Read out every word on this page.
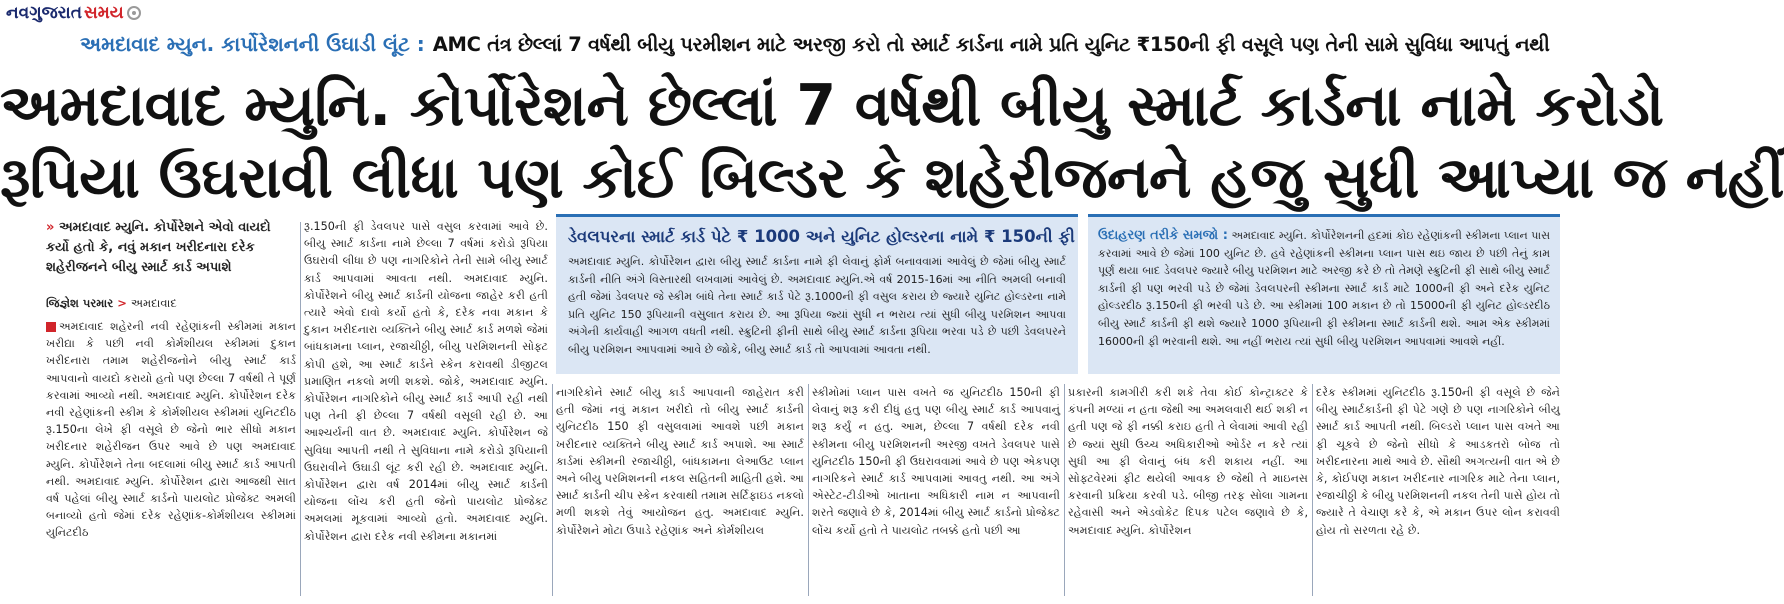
નવગુજરાત સમય
અમદાવાદ મ્યુન. કાર્પોરેશનની ઉઘાડી લૂંટ : AMC તંત્ર છેલ્લાં 7 વર્ષથી બીયુ પરમીશન માટે અરજી કરો તો સ્માર્ટ કાર્ડના નામે પ્રતિ યુનિટ ₹150ની ફી વસૂલે પણ તેની સામે સુવિધા આપતું નથી
અમદાવાદ મ્યુનિ. કોર્પોરેશને છેલ્લાં 7 વર્ષથી બીયુ સ્માર્ટ કાર્ડના નામે કરોડો
રૂપિયા ઉઘરાવી લીધા પણ કોઈ બિલ્ડર કે શહેરીજનને હજુ સુધી આપ્યા જ નહીં
» અમદાવાદ મ્યુનિ. કોર્પોરેશને એવો વાયદો કર્યો હતો કે, નવું મકાન ખરીદનારા દરેક શહેરીજનને બીયુ સ્માર્ટ કાર્ડ અપાશે
જિજ્ઞેશ પરમાર > અમદાવાદ
અમદાવાદ શહેરની નવી રહેણાંકની સ્કીમમાં મકાન ખરીદ્યા કે પછી નવી કોર્મશીયલ સ્કીમમાં દુકાન ખરીદનારા તમામ શહેરીજનોને બીયુ સ્માર્ટ કાર્ડ આપવાનો વાયદો કરાયો હતો પણ છેલ્લા 7 વર્ષથી તે પૂર્ણ કરવામાં આવ્યો નથી. અમદાવાદ મ્યુનિ. કોર્પોરેશન દરેક નવી રહેણાંકની સ્કીમ કે કોર્મશીયલ સ્કીમમાં યુનિટદીઠ રૂ.150ના લેખે ફી વસૂલે છે જેનો ભાર સીધો મકાન ખરીદનાર શહેરીજન ઉપર આવે છે પણ અમદાવાદ મ્યુનિ. કોર્પોરેશને તેના બદલામાં બીયુ સ્માર્ટ કાર્ડ આપતી નથી. અમદાવાદ મ્યુનિ. કોર્પોરેશન દ્વારા આજથી સાત વર્ષ પહેલાં બીયુ સ્માર્ટ કાર્ડનો પાયલોટ પ્રોજેક્ટ અમલી બનાવ્યો હતો જેમાં દરેક રહેણાંક-કોર્મશીયલ સ્કીમમાં યુનિટદીઠ
રૂ.150ની ફી ડેવલપર પાસે વસુલ કરવામાં આવે છે. બીયુ સ્માર્ટ કાર્ડના નામે છેલ્લા 7 વર્ષમાં કરોડો રૂપિયા ઉઘરાવી લીધા છે પણ નાગરિકોને તેની સામે બીયુ સ્માર્ટ કાર્ડ આપવામાં આવતા નથી. અમદાવાદ મ્યુનિ. કોર્પોરેશને બીયુ સ્માર્ટ કાર્ડની યોજના જાહેર કરી હતી ત્યારે એવો દાવો કર્યો હતો કે, દરેક નવા મકાન કે દુકાન ખરીદનારા વ્યક્તિને બીયુ સ્માર્ટ કાર્ડ મળશે જેમાં બાંધકામના પ્લાન, રજાચીઠ્ઠી, બીયુ પરમિશનની સોફ્ટ કોપી હશે, આ સ્માર્ટ કાર્ડને સ્કેન કરાવથી ડીજીટલ પ્રમાણિત નકલો મળી શકશે. જોકે, અમદાવાદ મ્યુનિ. કોર્પોરેશન નાગરિકોને બીયુ સ્માર્ટ કાર્ડ આપી રહી નથી પણ તેની ફી છેલ્લા 7 વર્ષથી વસૂલી રહી છે. આ આશ્ચર્યની વાત છે. અમદાવાદ મ્યુનિ. કોર્પોરેશન જે સુવિધા આપતી નથી તે સુવિધાના નામે કરોડો રૂપિયાની ઉઘરાવીને ઉઘાડી લૂંટ કરી રહી છે. અમદાવાદ મ્યુનિ. કોર્પોરેશન દ્વારા વર્ષ 2014માં બીયુ સ્માર્ટ કાર્ડની યોજના લોંચ કરી હતી જેનો પાયલોટ પ્રોજેક્ટ અમલમાં મૂકવામાં આવ્યો હતો. અમદાવાદ મ્યુનિ. કોર્પોરેશન દ્વારા દરેક નવી સ્કીમના મકાનમાં
ડેવલપરના સ્માર્ટ કાર્ડ પેટે ₹ 1000 અને યુનિટ હોલ્ડરના નામે ₹ 150ની ફી
અમદાવાદ મ્યુનિ. કોર્પોરેશન દ્વારા બીયુ સ્માર્ટ કાર્ડના નામે ફી લેવાનું ફોર્મ બનાવવામાં આવેલું છે જેમાં બીયુ સ્માર્ટ કાર્ડની નીતિ અંગે વિસ્તારથી લખવામાં આવેલું છે. અમદાવાદ મ્યુનિ.એ વર્ષ 2015-16માં આ નીતિ અમલી બનાવી હતી જેમાં ડેવલપર જે સ્કીમ બાંધે તેના સ્માર્ટ કાર્ડ પેટે રૂ.1000ની ફી વસુલ કરાય છે જ્યારે યુનિટ હોલ્ડરના નામે પ્રતિ યુનિટ 150 રૂપિયાની વસુલાત કરાય છે. આ રૂપિયા જ્યાં સુધી ન ભરાય ત્યાં સુધી બીયુ પરમિશન આપવા અંગેની કાર્યવાહી આગળ વધતી નથી. સ્ક્રુટિની ફીની સાથે બીયુ સ્માર્ટ કાર્ડના રૂપિયા ભરવા પડે છે પછી ડેવલપરને બીયુ પરમિશન આપવામાં આવે છે જોકે, બીયુ સ્માર્ટ કાર્ડ તો આપવામાં આવતા નથી.
ઉદાહરણ તરીકે સમજો : અમદાવાદ મ્યુનિ. કોર્પોરેશનની હદમાં કોઇ રહેણાંકની સ્કીમના પ્લાન પાસ કરવામાં આવે છે જેમાં 100 યુનિટ છે. હવે રહેણાંકની સ્કીમના પ્લાન પાસ થઇ જાય છે પછી તેનું કામ પૂર્ણ થયા બાદ ડેવલપર જ્યારે બીયુ પરમિશન માટે અરજી કરે છે તો તેમણે સ્ક્રુટિની ફી સાથે બીયુ સ્માર્ટ કાર્ડની ફી પણ ભરવી પડે છે જેમાં ડેવલપરની સ્કીમના સ્માર્ટ કાર્ડ માટે 1000ની ફી અને દરેક યુનિટ હોલ્ડરદીઠ રૂ.150ની ફી ભરવી પડે છે. આ સ્કીમમાં 100 મકાન છે તો 15000ની ફી યુનિટ હોલ્ડરદીઠ બીયુ સ્માર્ટ કાર્ડની ફી થશે જ્યારે 1000 રૂપિયાની ફી સ્કીમના સ્માર્ટ કાર્ડની થશે. આમ એક સ્કીમમાં 16000ની ફી ભરવાની થશે. આ નહીં ભરાય ત્યાં સુધી બીયુ પરમિશન આપવામાં આવશે નહીં.
નાગરિકોને સ્માર્ટ બીયુ કાર્ડ આપવાની જાહેરાત કરી હતી જેમાં નવું મકાન ખરીદો તો બીયુ સ્માર્ટ કાર્ડની યુનિટદીઠ 150 ફી વસુલવામાં આવશે પછી મકાન ખરીદનાર વ્યક્તિને બીયુ સ્માર્ટ કાર્ડ અપાશે. આ સ્માર્ટ કાર્ડમાં સ્કીમની રજાચીઠ્ઠી, બાંધકામના લેઆઉટ પ્લાન અને બીયુ પરમિશનની નકલ સહિતની માહિતી હશે. આ સ્માર્ટ કાર્ડની ચીપ સ્કેન કરવાથી તમામ સર્ટિફાઇડ નકલો મળી શકશે તેવું આયોજન હતુ. અમદાવાદ મ્યુનિ. કોર્પોરેશને મોટા ઉપાડે રહેણાંક અને કોર્મશીયલ
સ્કીમોમાં પ્લાન પાસ વખતે જ યુનિટદીઠ 150ની ફી લેવાનું શરૂ કરી દીધું હતુ પણ બીયુ સ્માર્ટ કાર્ડ આપવાનું શરૂ કર્યું ન હતુ. આમ, છેલ્લા 7 વર્ષથી દરેક નવી સ્કીમના બીયુ પરમિશનની અરજી વખતે ડેવલપર પાસે યુનિટદીઠ 150ની ફી ઉઘરાવવામાં આવે છે પણ એકપણ નાગરિકને સ્માર્ટ કાર્ડ આપવામાં આવતુ નથી. આ અંગે એસ્ટેટ-ટીડીઓ ખાતાના અધિકારી નામ ન આપવાની શરતે જણાવે છે કે, 2014માં બીયુ સ્માર્ટ કાર્ડનો પ્રોજેક્ટ લોંચ કર્યો હતો તે પાયલોટ તબક્કે હતો પછી આ
પ્રકારની કામગીરી કરી શકે તેવા કોઈ કોન્ટ્રાક્ટર કે કંપની મળ્યાં ન હતા જેથી આ અમલવારી થઈ શકી ન હતી પણ જે ફી નક્કી કરાઇ હતી તે લેવામાં આવી રહી છે જ્યાં સુધી ઉચ્ચ અધિકારીઓ ઓર્ડર ન કરે ત્યાં સુધી આ ફી લેવાનું બંધ કરી શકાય નહીં. આ સોફ્ટવેરમાં ફીટ થયેલી આવક છે જેથી તે માઇનસ કરવાની પ્રક્રિયા કરવી પડે. બીજી તરફ સોલા ગામના રહેવાસી અને એડવોકેટ દિપક પટેલ જણાવે છે કે, અમદાવાદ મ્યુનિ. કોર્પોરેશન
દરેક સ્કીમમાં યુનિટદીઠ રૂ.150ની ફી વસૂલે છે જેને બીયુ સ્માર્ટકાર્ડની ફી પેટે ગણે છે પણ નાગરિકોને બીયુ સ્માર્ટ કાર્ડ આપતી નથી. બિલ્ડરો પ્લાન પાસ વખતે આ ફી ચૂકવે છે જેનો સીધો કે આડકતરો બોજ તો ખરીદનારના માથે આવે છે. સૌથી અગત્યની વાત એ છે કે, કોઈપણ મકાન ખરીદનાર નાગરિક માટે તેના પ્લાન, રજાચીઠ્ઠી કે બીયુ પરમિશનની નકલ તેની પાસે હોય તો જ્યારે તે વેચાણ કરે કે, એ મકાન ઉપર લોન કરાવવી હોય તો સરળતા રહે છે.
